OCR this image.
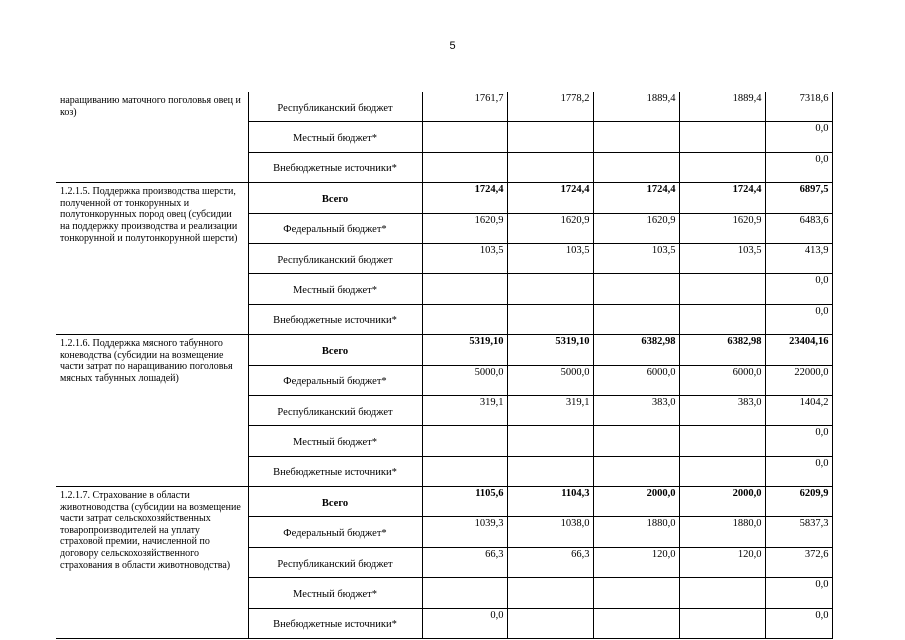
5
наращиванию маточного поголовья овец и коз)	Республиканский бюджет	1761,7	1778,2	1889,4	1889,4	7318,6
	Местный бюджет*					0,0
	Внебюджетные источники*					0,0
1.2.1.5. Поддержка производства шерсти, полученной от тонкорунных и полутонкорунных пород овец (субсидии на поддержку производства и реализации тонкорунной и полутонкорунной шерсти)	Всего	1724,4	1724,4	1724,4	1724,4	6897,5
	Федеральный бюджет*	1620,9	1620,9	1620,9	1620,9	6483,6
	Республиканский бюджет	103,5	103,5	103,5	103,5	413,9
	Местный бюджет*					0,0
	Внебюджетные источники*					0,0
1.2.1.6. Поддержка мясного табунного коневодства (субсидии на возмещение части затрат по наращиванию поголовья мясных табунных лошадей)	Всего	5319,10	5319,10	6382,98	6382,98	23404,16
	Федеральный бюджет*	5000,0	5000,0	6000,0	6000,0	22000,0
	Республиканский бюджет	319,1	319,1	383,0	383,0	1404,2
	Местный бюджет*					0,0
	Внебюджетные источники*					0,0
1.2.1.7. Страхование в области животноводства (субсидии на возмещение части затрат сельскохозяйственных товаропроизводителей на уплату страховой премии, начисленной по договору сельскохозяйственного страхования в области животноводства)	Всего	1105,6	1104,3	2000,0	2000,0	6209,9
	Федеральный бюджет*	1039,3	1038,0	1880,0	1880,0	5837,3
	Республиканский бюджет	66,3	66,3	120,0	120,0	372,6
	Местный бюджет*					0,0
	Внебюджетные источники*	0,0				0,0
